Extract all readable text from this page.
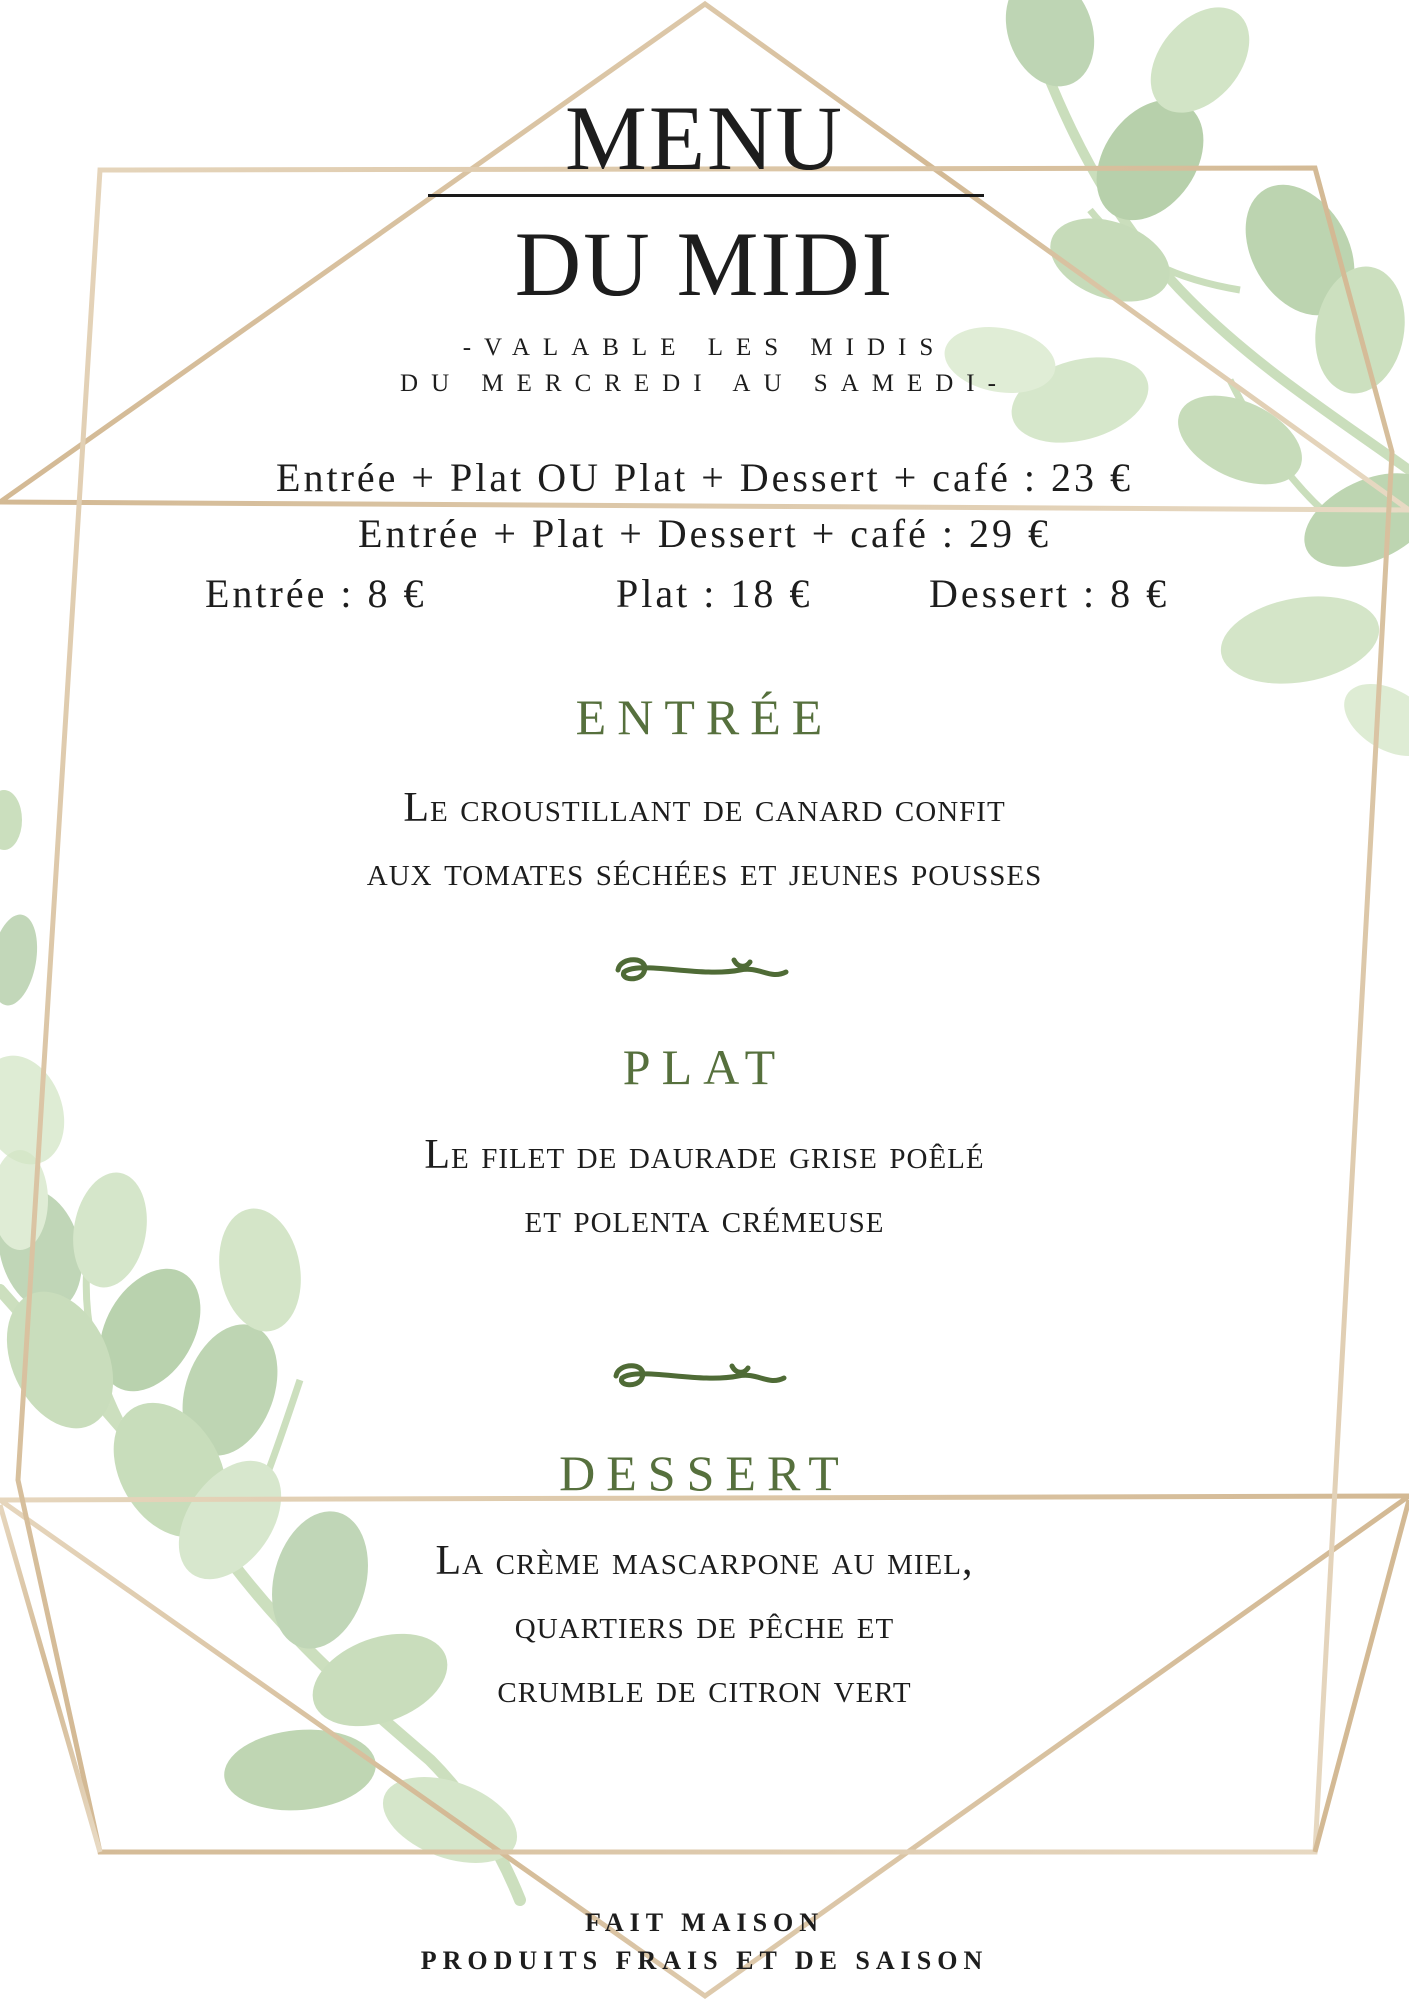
MENU
DU MIDI
-VALABLE LES MIDIS
DU MERCREDI AU SAMEDI-
Entrée + Plat OU Plat + Dessert + café : 23 €
Entrée + Plat + Dessert + café : 29 €
Entrée : 8 €	Plat : 18 €	Dessert : 8 €
ENTRÉE
Le croustillant de canard confit
aux tomates séchées et jeunes pousses
PLAT
Le filet de daurade grise poêlé
et polenta crémeuse
DESSERT
La crème mascarpone au miel,
quartiers de pêche et
crumble de citron vert
FAIT MAISON
PRODUITS FRAIS ET DE SAISON
